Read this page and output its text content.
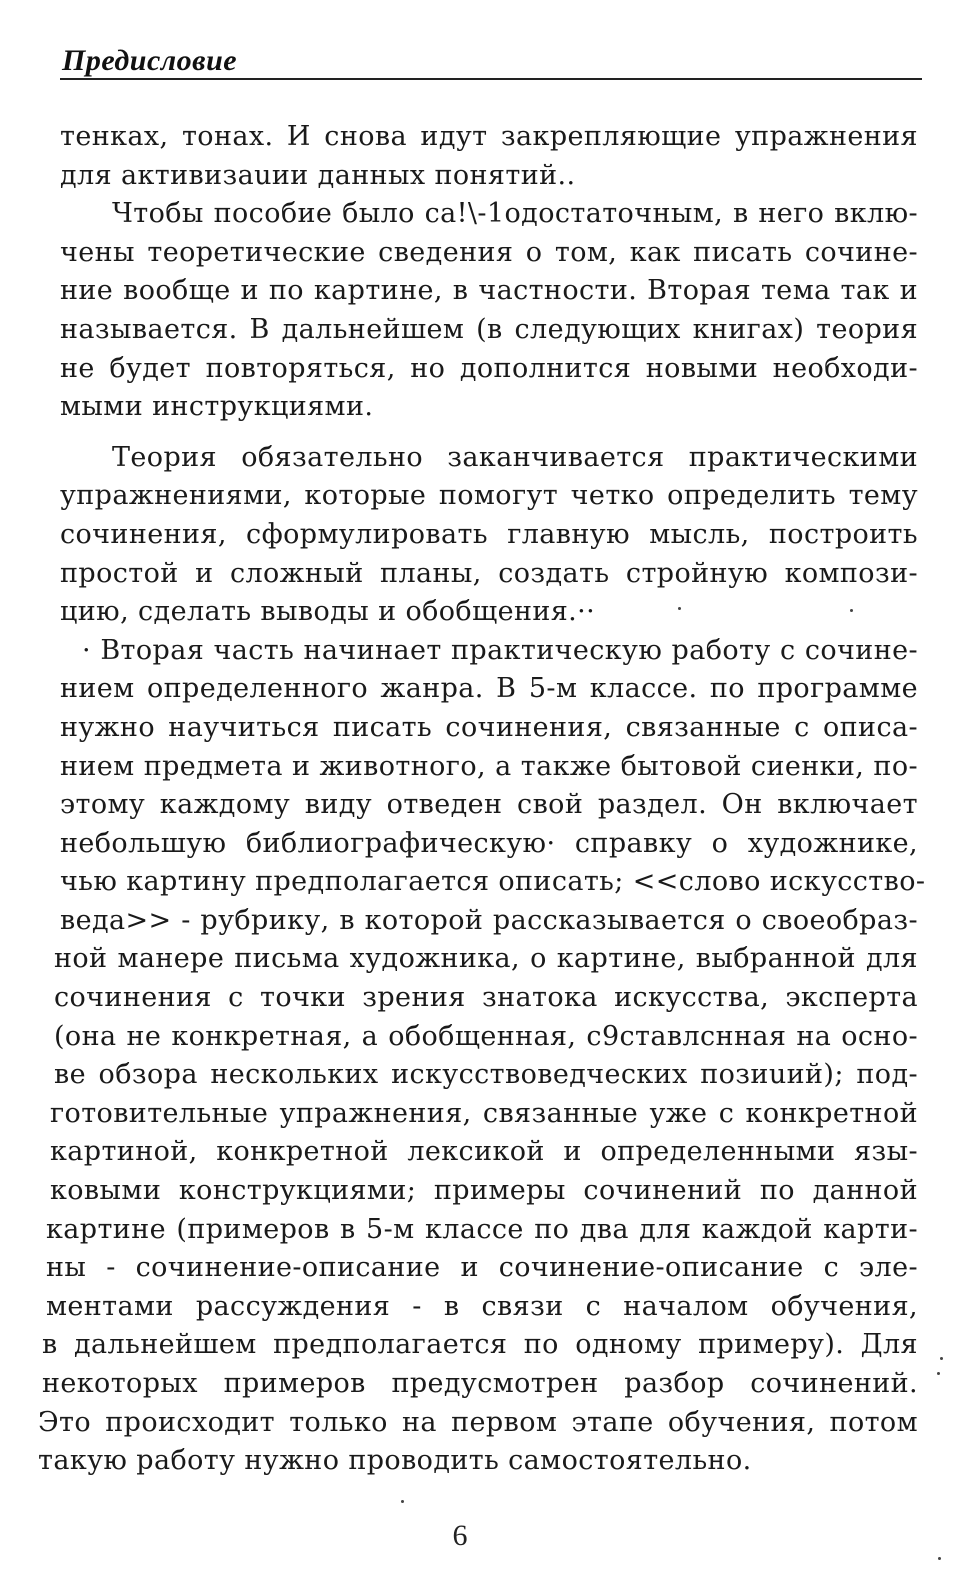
Предисловие
тенках, тонах. И снова идут закрепляющие упражнения
для активизаuии данных понятий..
Чтобы пособие было са!\-1одостаточным, в него вклю-
чены теоретические сведения о том, как писать сочине-
ние вообще и по картине, в частности. Вторая тема так и
называется. В дальнейшем (в следующих книгах) теория
не будет повторяться, но дополнится новыми необходи-
мыми инструкциями.
Теория обязательно заканчивается практическими
упражнениями, которые помогут четко определить тему
сочинения, сформулировать главную мысль, построить
простой и сложный планы, создать стройную компози-
цию, сделать выводы и обобщения.··
· Вторая часть начинает практическую работу с сочине-
нием определенного жанра. В 5-м классе. по программе
нужно научиться писать сочинения, связанные с описа-
нием предмета и животного, а также бытовой сиенки, по-
этому каждому виду отведен свой раздел. Он включает
небольшую библиографическую· справку о художнике,
чью картину предполагается описать; <<слово искусство-
веда>> - рубрику, в которой рассказывается о своеобраз-
ной манере письма художника, о картине, выбранной для
сочинения с точки зрения знатока искусства, эксперта
(она не конкретная, а обобщенная, с9ставлснная на осно-
ве обзора нескольких искусствоведческих позиuий); под-
готовительные упражнения, связанные уже с конкретной
картиной, конкретной лексикой и определенными язы-
ковыми конструкциями; примеры сочинений по данной
картине (примеров в 5-м классе по два для каждой карти-
ны - сочинение-описание и сочинение-описание с эле-
ментами рассуждения - в связи с началом обучения,
в дальнейшем предполагается по одному примеру). Для
некоторых примеров предусмотрен разбор сочинений.
Это происходит только на первом этапе обучения, потом
такую работу нужно проводить самостоятельно.
6
